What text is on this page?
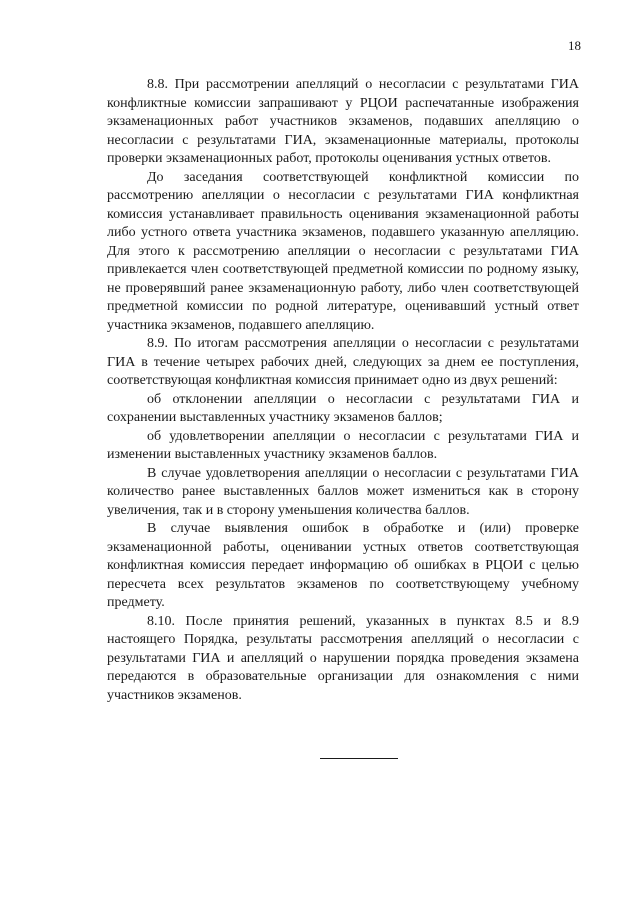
18

8.8. При рассмотрении апелляций о несогласии с результатами ГИА конфликтные комиссии запрашивают у РЦОИ распечатанные изображения экзаменационных работ участников экзаменов, подавших апелляцию о несогласии с результатами ГИА, экзаменационные материалы, протоколы проверки экзаменационных работ, протоколы оценивания устных ответов.

До заседания соответствующей конфликтной комиссии по рассмотрению апелляции о несогласии с результатами ГИА конфликтная комиссия устанавливает правильность оценивания экзаменационной работы либо устного ответа участника экзаменов, подавшего указанную апелляцию. Для этого к рассмотрению апелляции о несогласии с результатами ГИА привлекается член соответствующей предметной комиссии по родному языку, не проверявший ранее экзаменационную работу, либо член соответствующей предметной комиссии по родной литературе, оценивавший устный ответ участника экзаменов, подавшего апелляцию.

8.9. По итогам рассмотрения апелляции о несогласии с результатами ГИА в течение четырех рабочих дней, следующих за днем ее поступления, соответствующая конфликтная комиссия принимает одно из двух решений:

об отклонении апелляции о несогласии с результатами ГИА и сохранении выставленных участнику экзаменов баллов;

об удовлетворении апелляции о несогласии с результатами ГИА и изменении выставленных участнику экзаменов баллов.

В случае удовлетворения апелляции о несогласии с результатами ГИА количество ранее выставленных баллов может измениться как в сторону увеличения, так и в сторону уменьшения количества баллов.

В случае выявления ошибок в обработке и (или) проверке экзаменационной работы, оценивании устных ответов соответствующая конфликтная комиссия передает информацию об ошибках в РЦОИ с целью пересчета всех результатов экзаменов по соответствующему учебному предмету.

8.10. После принятия решений, указанных в пунктах 8.5 и 8.9 настоящего Порядка, результаты рассмотрения апелляций о несогласии с результатами ГИА и апелляций о нарушении порядка проведения экзамена передаются в образовательные организации для ознакомления с ними участников экзаменов.
